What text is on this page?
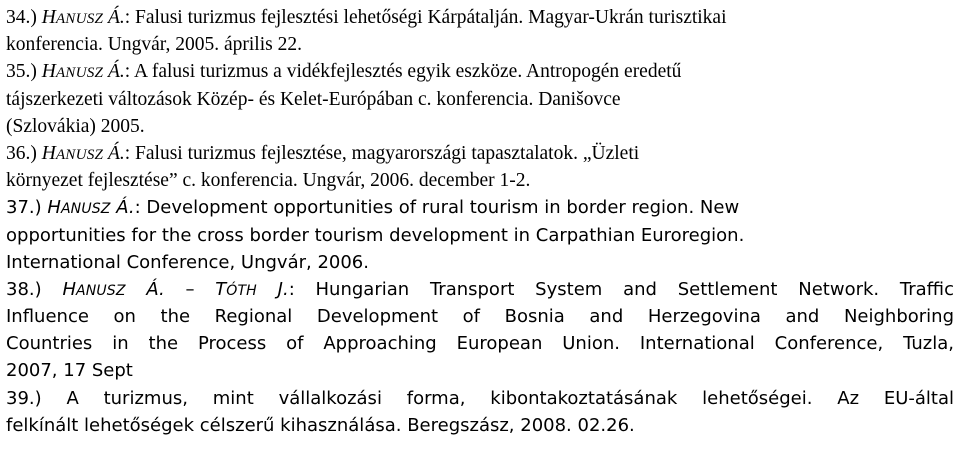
34.) HANUSZ Á.: Falusi turizmus fejlesztési lehetőségi Kárpátalján. Magyar-Ukrán turisztikai
konferencia. Ungvár, 2005. április 22.
35.) HANUSZ Á.: A falusi turizmus a vidékfejlesztés egyik eszköze. Antropogén eredetű
tájszerkezeti változások Közép- és Kelet-Európában c. konferencia. Danišovce
(Szlovákia) 2005.
36.) HANUSZ Á.: Falusi turizmus fejlesztése, magyarországi tapasztalatok. „Üzleti
környezet fejlesztése” c. konferencia. Ungvár, 2006. december 1-2.
37.) HANUSZ Á.: Development opportunities of rural tourism in border region. New
opportunities for the cross border tourism development in Carpathian Euroregion.
International Conference, Ungvár, 2006.
38.) HANUSZ Á. – TÓTH J.: Hungarian Transport System and Settlement Network. Traffic
Influence on the Regional Development of Bosnia and Herzegovina and Neighboring
Countries in the Process of Approaching European Union. International Conference, Tuzla,
2007, 17 Sept
39.) A turizmus, mint vállalkozási forma, kibontakoztatásának lehetőségei. Az EU-által
felkínált lehetőségek célszerű kihasználása. Beregszász, 2008. 02.26.
